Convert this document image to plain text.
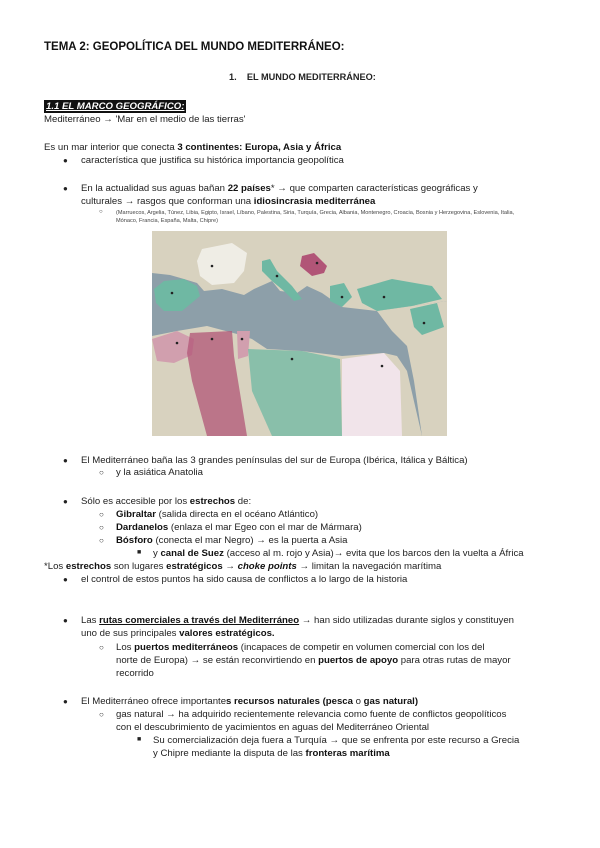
TEMA 2: GEOPOLÍTICA DEL MUNDO MEDITERRÁNEO:
1. EL MUNDO MEDITERRÁNEO:
1.1 EL MARCO GEOGRÁFICO:
Mediterráneo → 'Mar en el medio de las tierras'
Es un mar interior que conecta 3 continentes: Europa, Asia y África
● característica que justifica su histórica importancia geopolítica
● En la actualidad sus aguas bañan 22 países* → que comparten características geográficas y
culturales → rasgos que conforman una idiosincrasia mediterránea
○ (Marruecos, Argelia, Túnez, Libia, Egipto, Israel, Líbano, Palestina, Siria, Turquía, Grecia, Albania, Montenegro, Croacia, Bosnia y Herzegovina, Eslovenia, Italia, Mónaco, Francia, España, Malta, Chipre)
● El Mediterráneo baña las 3 grandes penínsulas del sur de Europa (Ibérica, Itálica y Báltica)
○ y la asiática Anatolia
● Sólo es accesible por los estrechos de:
○ Gibraltar (salida directa en el océano Atlántico)
○ Dardanelos (enlaza el mar Egeo con el mar de Mármara)
○ Bósforo (conecta el mar Negro) → es la puerta a Asia
■ y canal de Suez (acceso al m. rojo y Asia)→ evita que los barcos den la vuelta a África
*Los estrechos son lugares estratégicos → choke points → limitan la navegación marítima
● el control de estos puntos ha sido causa de conflictos a lo largo de la historia
● Las rutas comerciales a través del Mediterráneo → han sido utilizadas durante siglos y constituyen
uno de sus principales valores estratégicos.
○ Los puertos mediterráneos (incapaces de competir en volumen comercial con los del
norte de Europa) → se están reconvirtiendo en puertos de apoyo para otras rutas de mayor
recorrido
● El Mediterráneo ofrece importantes recursos naturales (pesca o gas natural)
○ gas natural → ha adquirido recientemente relevancia como fuente de conflictos geopolíticos
con el descubrimiento de yacimientos en aguas del Mediterráneo Oriental
■ Su comercialización deja fuera a Turquía → que se enfrenta por este recurso a Grecia
y Chipre mediante la disputa de las fronteras marítima
